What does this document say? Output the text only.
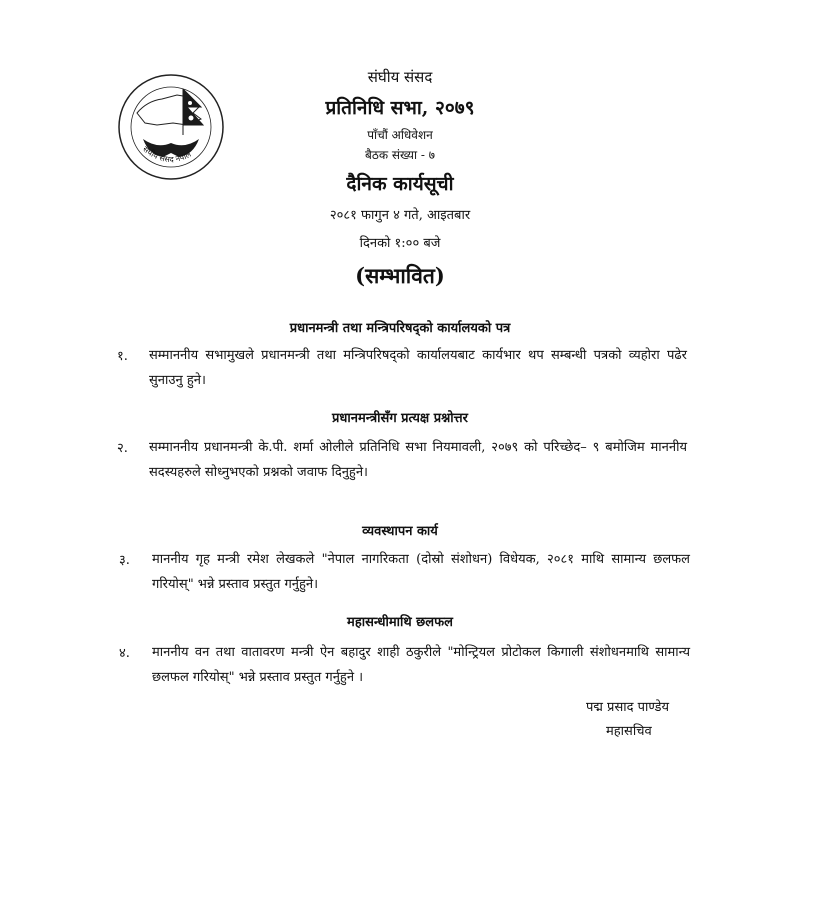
संघीय संसद नेपाल
संघीय संसद
प्रतिनिधि सभा, २०७९
पाँचौं अधिवेशन
बैठक संख्या - ७
दैनिक कार्यसूची
२०८१ फागुन ४ गते, आइतबार
दिनको १:०० बजे
(सम्भावित)
प्रधानमन्त्री तथा मन्त्रिपरिषद्को कार्यालयको पत्र
१. सम्माननीय सभामुखले प्रधानमन्त्री तथा मन्त्रिपरिषद्को कार्यालयबाट कार्यभार थप सम्बन्धी पत्रको व्यहोरा पढेर सुनाउनु हुने।
प्रधानमन्त्रीसँग प्रत्यक्ष प्रश्नोत्तर
२. सम्माननीय प्रधानमन्त्री के.पी. शर्मा ओलीले प्रतिनिधि सभा नियमावली, २०७९ को परिच्छेद– ९ बमोजिम माननीय सदस्यहरुले सोध्नुभएको प्रश्नको जवाफ दिनुहुने।
व्यवस्थापन कार्य
३. माननीय गृह मन्त्री रमेश लेखकले "नेपाल नागरिकता (दोस्रो संशोधन) विधेयक, २०८१ माथि सामान्य छलफल गरियोस्" भन्ने प्रस्ताव प्रस्तुत गर्नुहुने।
महासन्धीमाथि छलफल
४. माननीय वन तथा वातावरण मन्त्री ऐन बहादुर शाही ठकुरीले "मोन्ट्रियल प्रोटोकल किगाली संशोधनमाथि सामान्य छलफल गरियोस्" भन्ने प्रस्ताव प्रस्तुत गर्नुहुने ।
पद्म प्रसाद पाण्डेय
महासचिव
